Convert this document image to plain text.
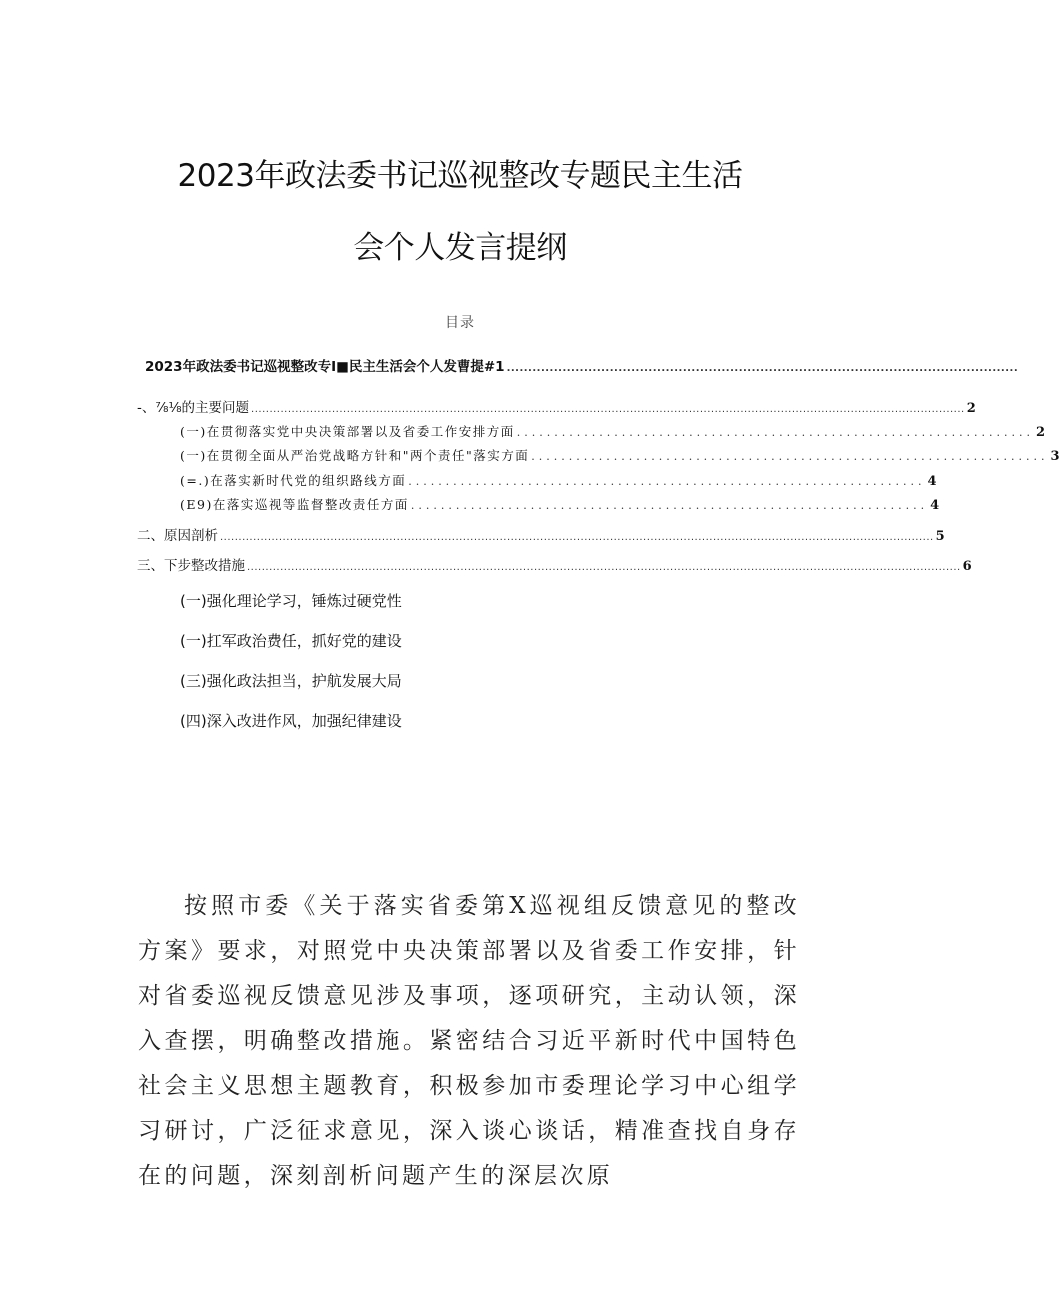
2023年政法委书记巡视整改专题民主生活
会个人发言提纲
目录
2023年政法委书记巡视整改专I■民主生活会个人发曹提#1 .......................................................................................................................
-、⅞⅛的主要问题 .................................................................................................................................................................................................. 2
(一)在贯彻落实党中央决策部署以及省委工作安排方面 ..................................................................... 2
(一)在贯彻全面从严治党战略方针和"两个责任"落实方面 ..................................................................... 3
(=.)在落实新时代党的组织路线方面 ..................................................................... 4
(E9)在落实巡视等监督整改责任方面 ..................................................................... 4
二、原因剖析 .................................................................................................................................................................................................. 5
三、下步整改措施 .................................................................................................................................................................................................. 6
(一)强化理论学习，锤炼过硬党性
(一)扛军政治费任，抓好党的建设
(三)强化政法担当，护航发展大局
(四)深入改进作风，加强纪律建设

按照市委《关于落实省委第X巡视组反馈意见的整改方案》要求，对照党中央决策部署以及省委工作安排，针对省委巡视反馈意见涉及事项，逐项研究，主动认领，深入查摆，明确整改措施。紧密结合习近平新时代中国特色社会主义思想主题教育，积极参加市委理论学习中心组学习研讨，广泛征求意见，深入谈心谈话，精准查找自身存在的问题，深刻剖析问题产生的深层次原
